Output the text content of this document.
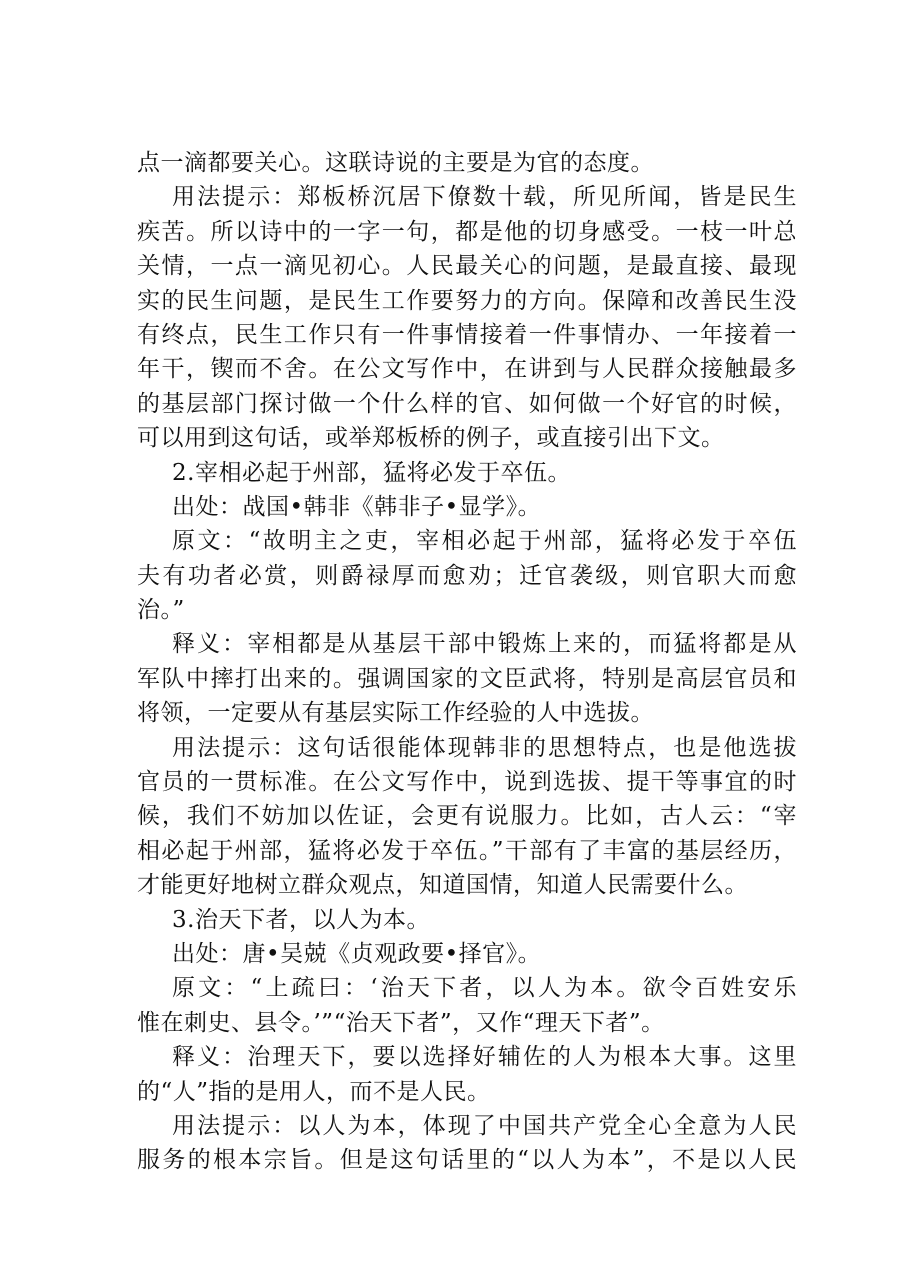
点一滴都要关心。这联诗说的主要是为官的态度。
用法提示：郑板桥沉居下僚数十载，所见所闻，皆是民生
疾苦。所以诗中的一字一句，都是他的切身感受。一枝一叶总
关情，一点一滴见初心。人民最关心的问题，是最直接、最现
实的民生问题，是民生工作要努力的方向。保障和改善民生没
有终点，民生工作只有一件事情接着一件事情办、一年接着一
年干，锲而不舍。在公文写作中，在讲到与人民群众接触最多
的基层部门探讨做一个什么样的官、如何做一个好官的时候，
可以用到这句话，或举郑板桥的例子，或直接引出下文。
2.宰相必起于州部，猛将必发于卒伍。
出处：战国•韩非《韩非子•显学》。
原文：“故明主之吏，宰相必起于州部，猛将必发于卒伍
夫有功者必赏，则爵禄厚而愈劝；迁官袭级，则官职大而愈
治。”
释义：宰相都是从基层干部中锻炼上来的，而猛将都是从
军队中摔打出来的。强调国家的文臣武将，特别是高层官员和
将领，一定要从有基层实际工作经验的人中选拔。
用法提示：这句话很能体现韩非的思想特点，也是他选拔
官员的一贯标准。在公文写作中，说到选拔、提干等事宜的时
候，我们不妨加以佐证，会更有说服力。比如，古人云：“宰
相必起于州部，猛将必发于卒伍。”干部有了丰富的基层经历，
才能更好地树立群众观点，知道国情，知道人民需要什么。
3.治天下者，以人为本。
出处：唐•吴兢《贞观政要•择官》。
原文：“上疏曰：‘治天下者，以人为本。欲令百姓安乐
惟在刺史、县令。’”“治天下者”，又作“理天下者”。
释义：治理天下，要以选择好辅佐的人为根本大事。这里
的“人”指的是用人，而不是人民。
用法提示：以人为本，体现了中国共产党全心全意为人民
服务的根本宗旨。但是这句话里的“以人为本”，不是以人民
